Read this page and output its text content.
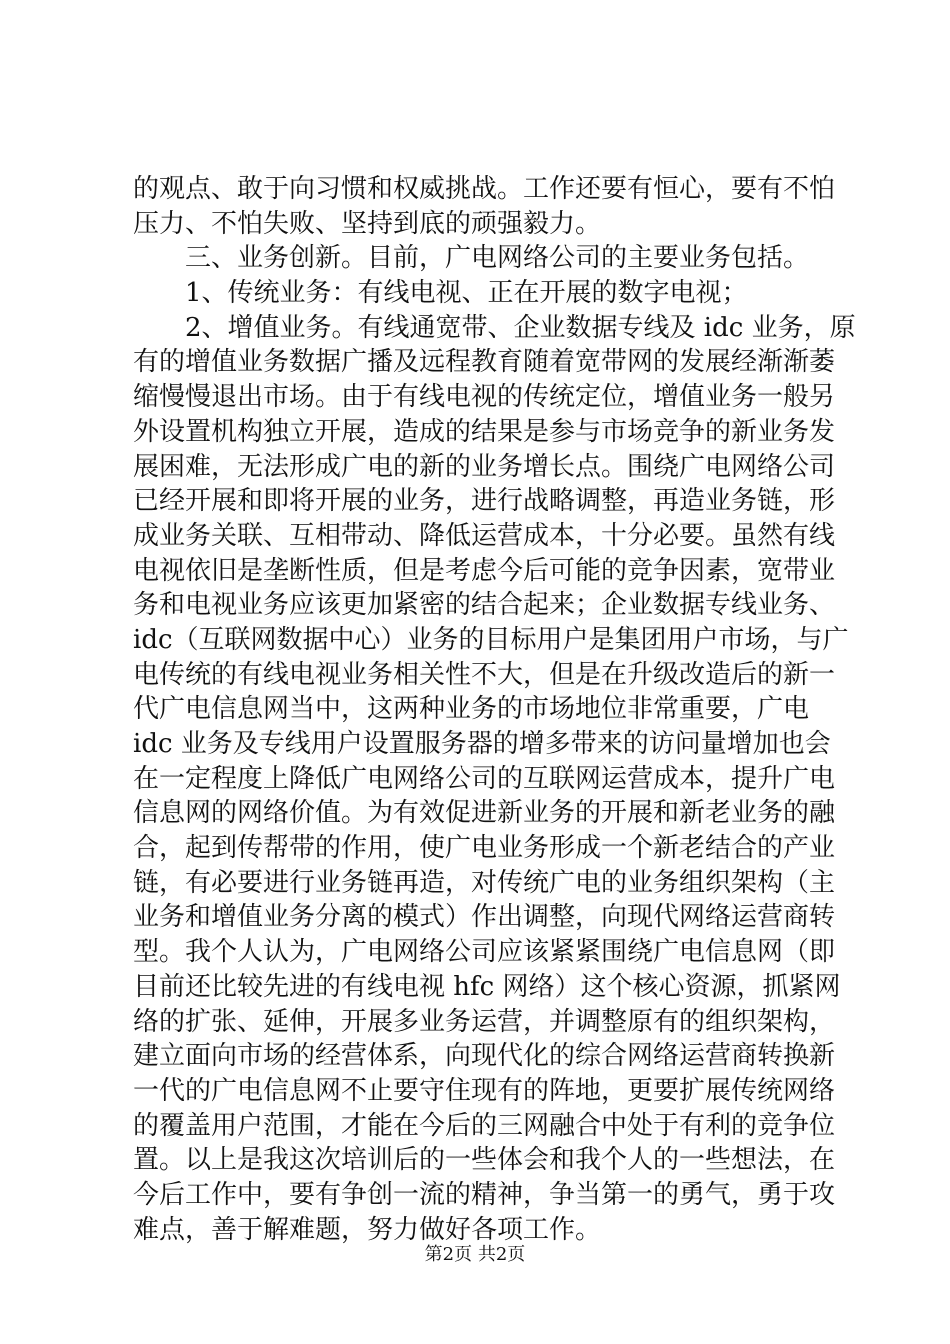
的观点、敢于向习惯和权威挑战。工作还要有恒心，要有不怕
压力、不怕失败、坚持到底的顽强毅力。
三、业务创新。目前，广电网络公司的主要业务包括。
1、传统业务：有线电视、正在开展的数字电视；
2、增值业务。有线通宽带、企业数据专线及 idc 业务，原
有的增值业务数据广播及远程教育随着宽带网的发展经渐渐萎
缩慢慢退出市场。由于有线电视的传统定位，增值业务一般另
外设置机构独立开展，造成的结果是参与市场竞争的新业务发
展困难，无法形成广电的新的业务增长点。围绕广电网络公司
已经开展和即将开展的业务，进行战略调整，再造业务链，形
成业务关联、互相带动、降低运营成本，十分必要。虽然有线
电视依旧是垄断性质，但是考虑今后可能的竞争因素，宽带业
务和电视业务应该更加紧密的结合起来；企业数据专线业务、
idc（互联网数据中心）业务的目标用户是集团用户市场，与广
电传统的有线电视业务相关性不大，但是在升级改造后的新一
代广电信息网当中，这两种业务的市场地位非常重要，广电
idc 业务及专线用户设置服务器的增多带来的访问量增加也会
在一定程度上降低广电网络公司的互联网运营成本，提升广电
信息网的网络价值。为有效促进新业务的开展和新老业务的融
合，起到传帮带的作用，使广电业务形成一个新老结合的产业
链，有必要进行业务链再造，对传统广电的业务组织架构（主
业务和增值业务分离的模式）作出调整，向现代网络运营商转
型。我个人认为，广电网络公司应该紧紧围绕广电信息网（即
目前还比较先进的有线电视 hfc 网络）这个核心资源，抓紧网
络的扩张、延伸，开展多业务运营，并调整原有的组织架构，
建立面向市场的经营体系，向现代化的综合网络运营商转换新
一代的广电信息网不止要守住现有的阵地，更要扩展传统网络
的覆盖用户范围，才能在今后的三网融合中处于有利的竞争位
置。以上是我这次培训后的一些体会和我个人的一些想法，在
今后工作中，要有争创一流的精神，争当第一的勇气，勇于攻
难点，善于解难题，努力做好各项工作。
第2页 共2页
